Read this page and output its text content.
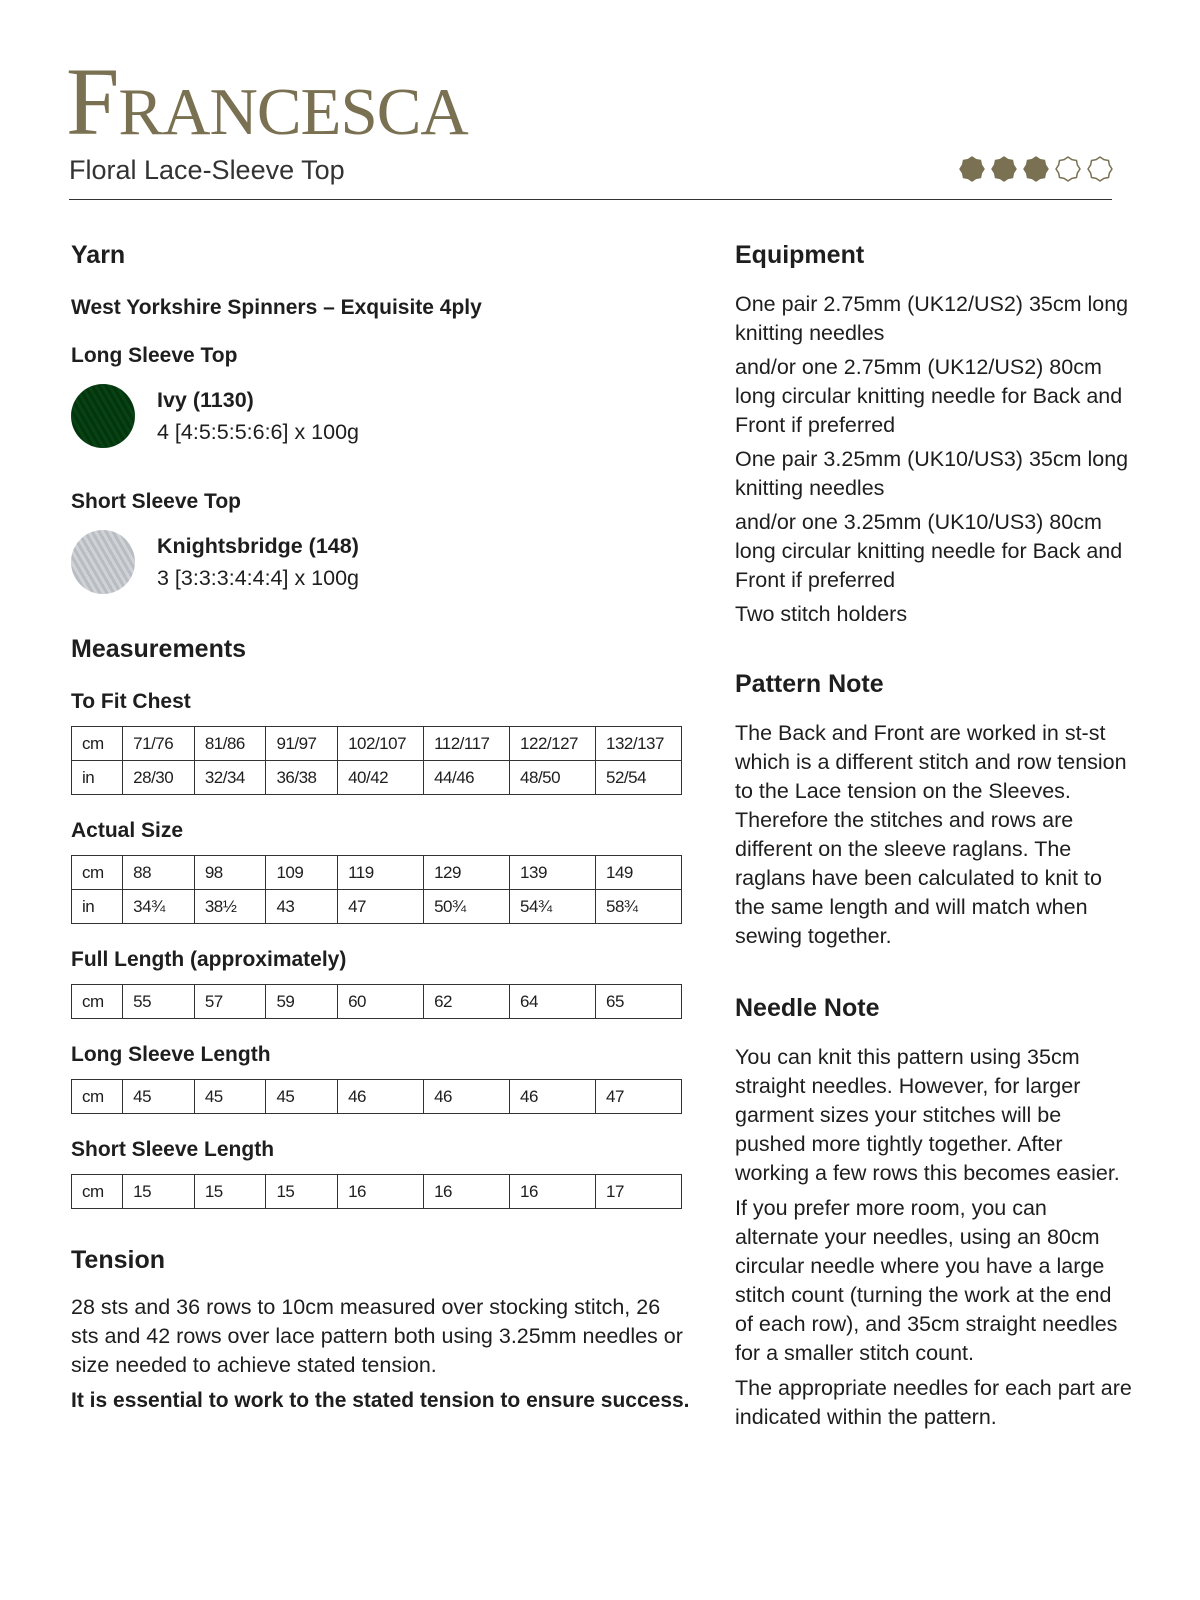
Francesca
Floral Lace-Sleeve Top
Yarn

West Yorkshire Spinners – Exquisite 4ply

Long Sleeve Top
Ivy (1130)
4 [4:5:5:5:6:6] x 100g
Short Sleeve Top
Knightsbridge (148)
3 [3:3:3:4:4:4] x 100g
Measurements
To Fit Chest
cm	71/76	81/86	91/97	102/107	112/117	122/127	132/137
in	28/30	32/34	36/38	40/42	44/46	48/50	52/54
Actual Size
cm	88	98	109	119	129	139	149
in	34¾	38½	43	47	50¾	54¾	58¾
Full Length (approximately)
cm	55	57	59	60	62	64	65
Long Sleeve Length
cm	45	45	45	46	46	46	47
Short Sleeve Length
cm	15	15	15	16	16	16	17
Tension

28 sts and 36 rows to 10cm measured over stocking stitch, 26 sts and 42 rows over lace pattern both using 3.25mm needles or size needed to achieve stated tension.

It is essential to work to the stated tension to ensure success.

Equipment

One pair 2.75mm (UK12/US2) 35cm long knitting needles

and/or one 2.75mm (UK12/US2) 80cm long circular knitting needle for Back and Front if preferred

One pair 3.25mm (UK10/US3) 35cm long knitting needles

and/or one 3.25mm (UK10/US3) 80cm long circular knitting needle for Back and Front if preferred

Two stitch holders

Pattern Note

The Back and Front are worked in st-st which is a different stitch and row tension to the Lace tension on the Sleeves. Therefore the stitches and rows are different on the sleeve raglans. The raglans have been calculated to knit to the same length and will match when sewing together.

Needle Note

You can knit this pattern using 35cm straight needles. However, for larger garment sizes your stitches will be pushed more tightly together. After working a few rows this becomes easier.

If you prefer more room, you can alternate your needles, using an 80cm circular needle where you have a large stitch count (turning the work at the end of each row), and 35cm straight needles for a smaller stitch count.

The appropriate needles for each part are indicated within the pattern.
